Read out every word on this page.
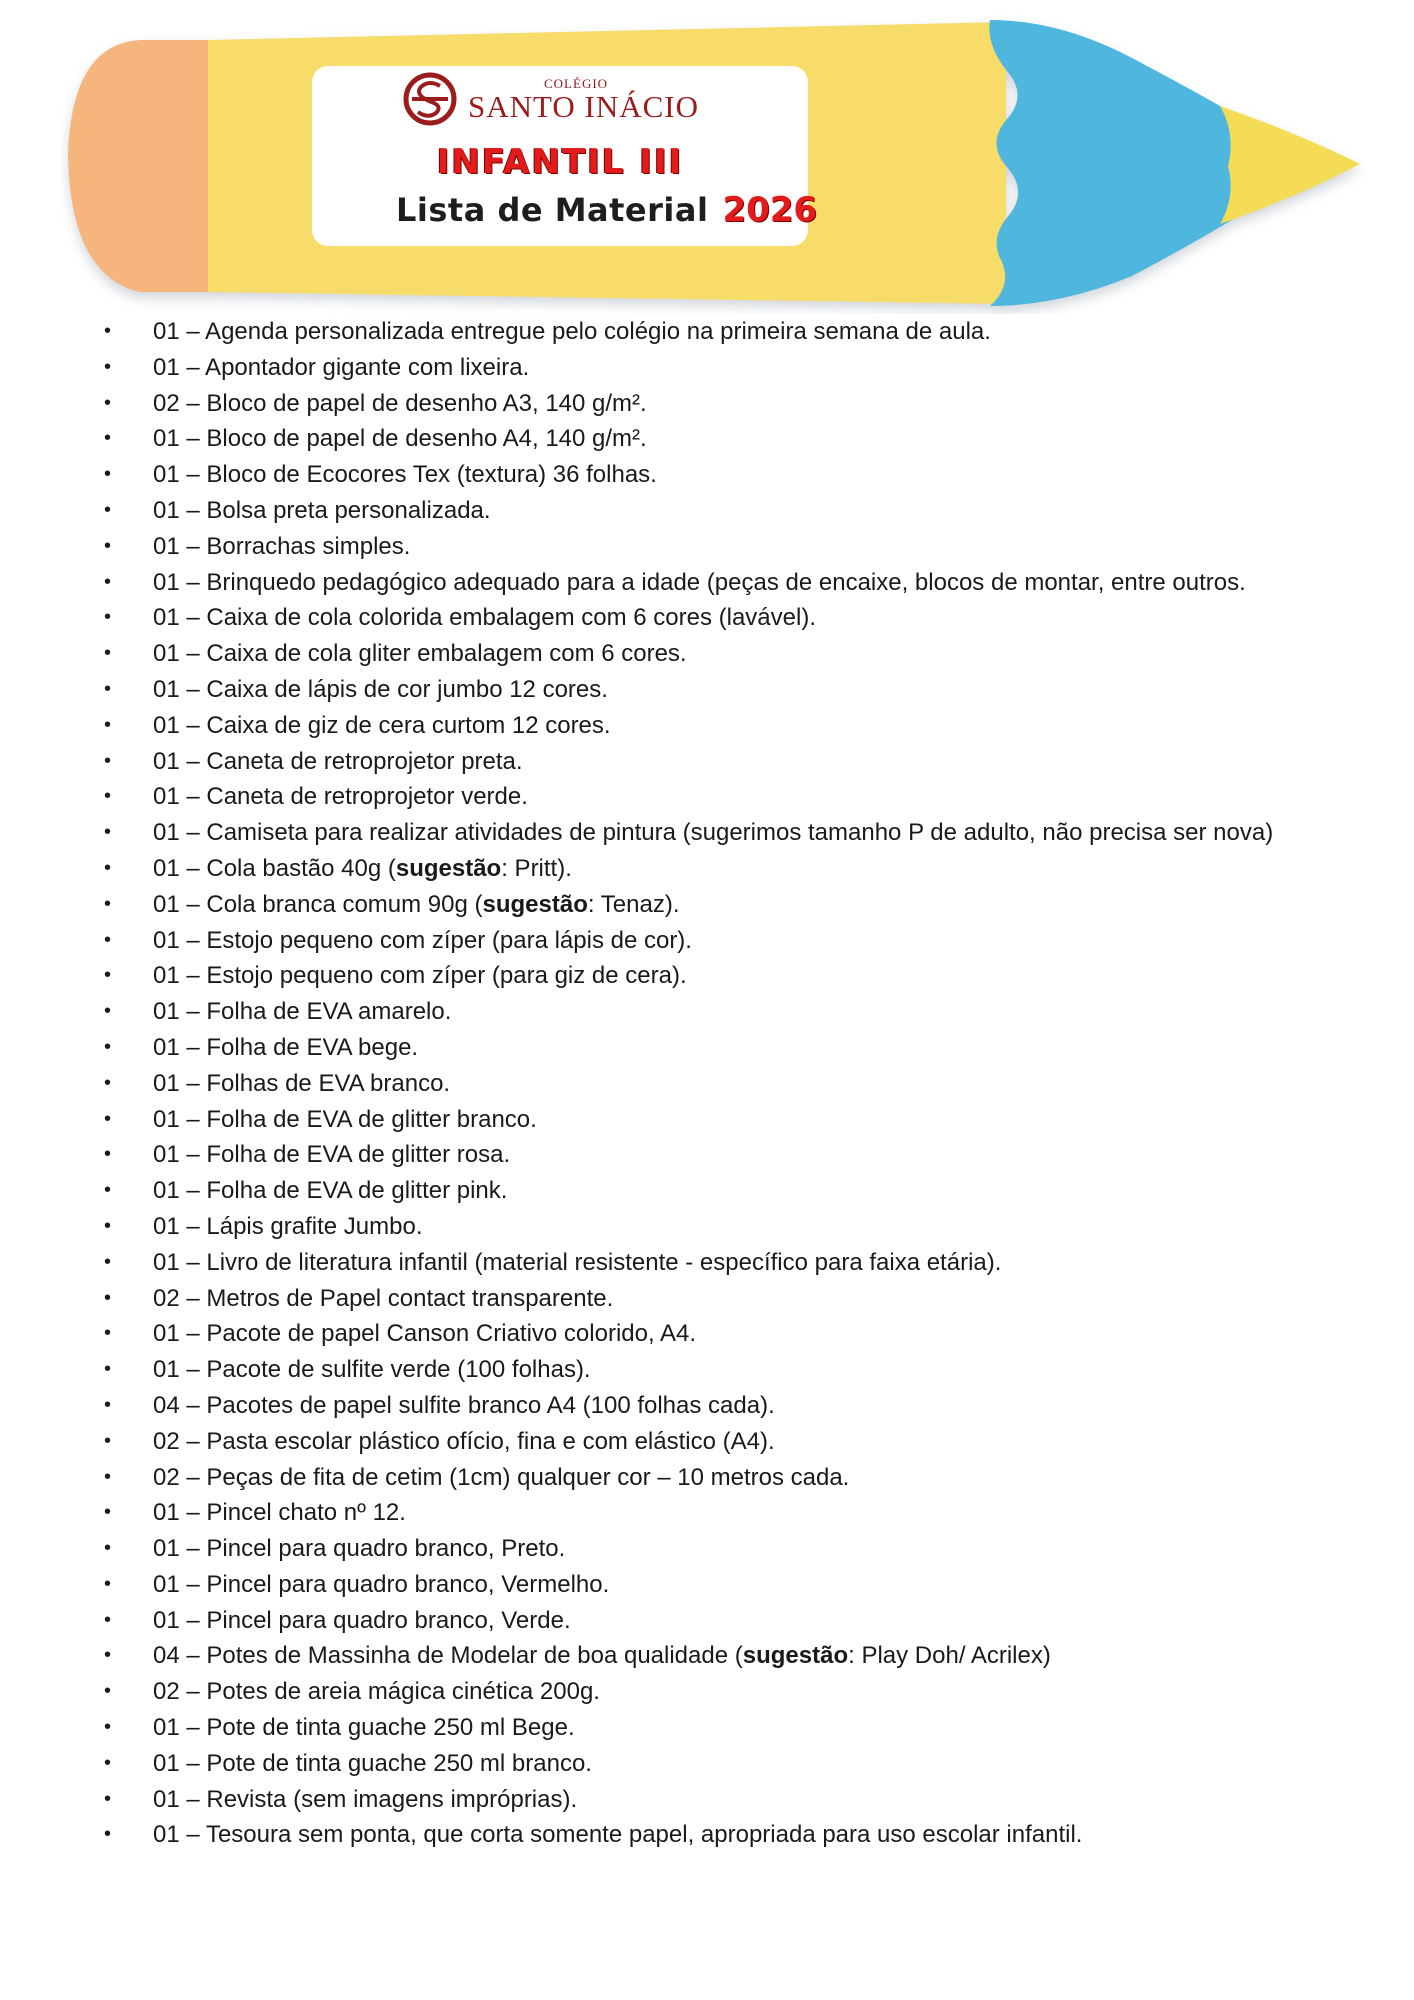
COLÉGIO
SANTO INÁCIO
INFANTIL III
Lista de Material 2026
• 01 – Agenda personalizada entregue pelo colégio na primeira semana de aula.
• 01 – Apontador gigante com lixeira.
• 02 – Bloco de papel de desenho A3, 140 g/m².
• 01 – Bloco de papel de desenho A4, 140 g/m².
• 01 – Bloco de Ecocores Tex (textura) 36 folhas.
• 01 – Bolsa preta personalizada.
• 01 – Borrachas simples.
• 01 – Brinquedo pedagógico adequado para a idade (peças de encaixe, blocos de montar, entre outros.
• 01 – Caixa de cola colorida embalagem com 6 cores (lavável).
• 01 – Caixa de cola gliter embalagem com 6 cores.
• 01 – Caixa de lápis de cor jumbo 12 cores.
• 01 – Caixa de giz de cera curtom 12 cores.
• 01 – Caneta de retroprojetor preta.
• 01 – Caneta de retroprojetor verde.
• 01 – Camiseta para realizar atividades de pintura (sugerimos tamanho P de adulto, não precisa ser nova)
• 01 – Cola bastão 40g (sugestão: Pritt).
• 01 – Cola branca comum 90g (sugestão: Tenaz).
• 01 – Estojo pequeno com zíper (para lápis de cor).
• 01 – Estojo pequeno com zíper (para giz de cera).
• 01 – Folha de EVA amarelo.
• 01 – Folha de EVA bege.
• 01 – Folhas de EVA branco.
• 01 – Folha de EVA de glitter branco.
• 01 – Folha de EVA de glitter rosa.
• 01 – Folha de EVA de glitter pink.
• 01 – Lápis grafite Jumbo.
• 01 – Livro de literatura infantil (material resistente - específico para faixa etária).
• 02 – Metros de Papel contact transparente.
• 01 – Pacote de papel Canson Criativo colorido, A4.
• 01 – Pacote de sulfite verde (100 folhas).
• 04 – Pacotes de papel sulfite branco A4 (100 folhas cada).
• 02 – Pasta escolar plástico ofício, fina e com elástico (A4).
• 02 – Peças de fita de cetim (1cm) qualquer cor – 10 metros cada.
• 01 – Pincel chato nº 12.
• 01 – Pincel para quadro branco, Preto.
• 01 – Pincel para quadro branco, Vermelho.
• 01 – Pincel para quadro branco, Verde.
• 04 – Potes de Massinha de Modelar de boa qualidade (sugestão: Play Doh/ Acrilex)
• 02 – Potes de areia mágica cinética 200g.
• 01 – Pote de tinta guache 250 ml Bege.
• 01 – Pote de tinta guache 250 ml branco.
• 01 – Revista (sem imagens impróprias).
• 01 – Tesoura sem ponta, que corta somente papel, apropriada para uso escolar infantil.
